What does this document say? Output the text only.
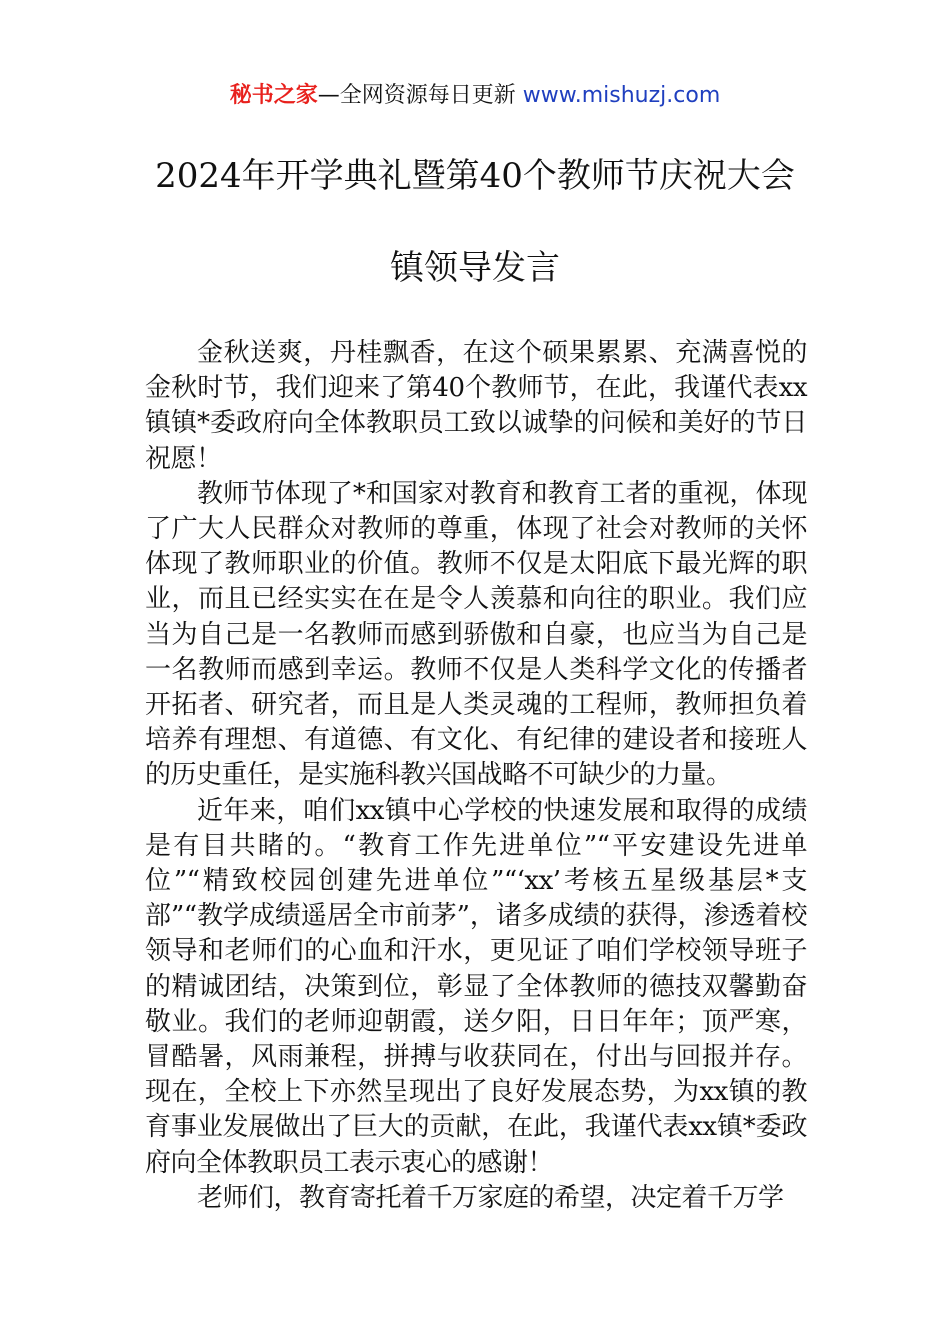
秘书之家—全网资源每日更新 www.mishuzj.com
2024年开学典礼暨第40个教师节庆祝大会
镇领导发言

金秋送爽，丹桂飘香，在这个硕果累累、充满喜悦的金秋时节，我们迎来了第40个教师节，在此，我谨代表xx镇镇*委政府向全体教职员工致以诚挚的问候和美好的节日祝愿！

教师节体现了*和国家对教育和教育工者的重视，体现了广大人民群众对教师的尊重，体现了社会对教师的关怀体现了教师职业的价值。教师不仅是太阳底下最光辉的职业，而且已经实实在在是令人羡慕和向往的职业。我们应当为自己是一名教师而感到骄傲和自豪，也应当为自己是一名教师而感到幸运。教师不仅是人类科学文化的传播者开拓者、研究者，而且是人类灵魂的工程师，教师担负着培养有理想、有道德、有文化、有纪律的建设者和接班人的历史重任，是实施科教兴国战略不可缺少的力量。

近年来，咱们xx镇中心学校的快速发展和取得的成绩是有目共睹的。“教育工作先进单位”“平安建设先进单位”“精致校园创建先进单位”“‘xx’考核五星级基层*支部”“教学成绩遥居全市前茅”，诸多成绩的获得，渗透着校领导和老师们的心血和汗水，更见证了咱们学校领导班子的精诚团结，决策到位，彰显了全体教师的德技双馨勤奋敬业。我们的老师迎朝霞，送夕阳，日日年年；顶严寒，冒酷暑，风雨兼程，拼搏与收获同在，付出与回报并存。现在，全校上下亦然呈现出了良好发展态势，为xx镇的教育事业发展做出了巨大的贡献，在此，我谨代表xx镇*委政府向全体教职员工表示衷心的感谢！

老师们，教育寄托着千万家庭的希望，决定着千万学
